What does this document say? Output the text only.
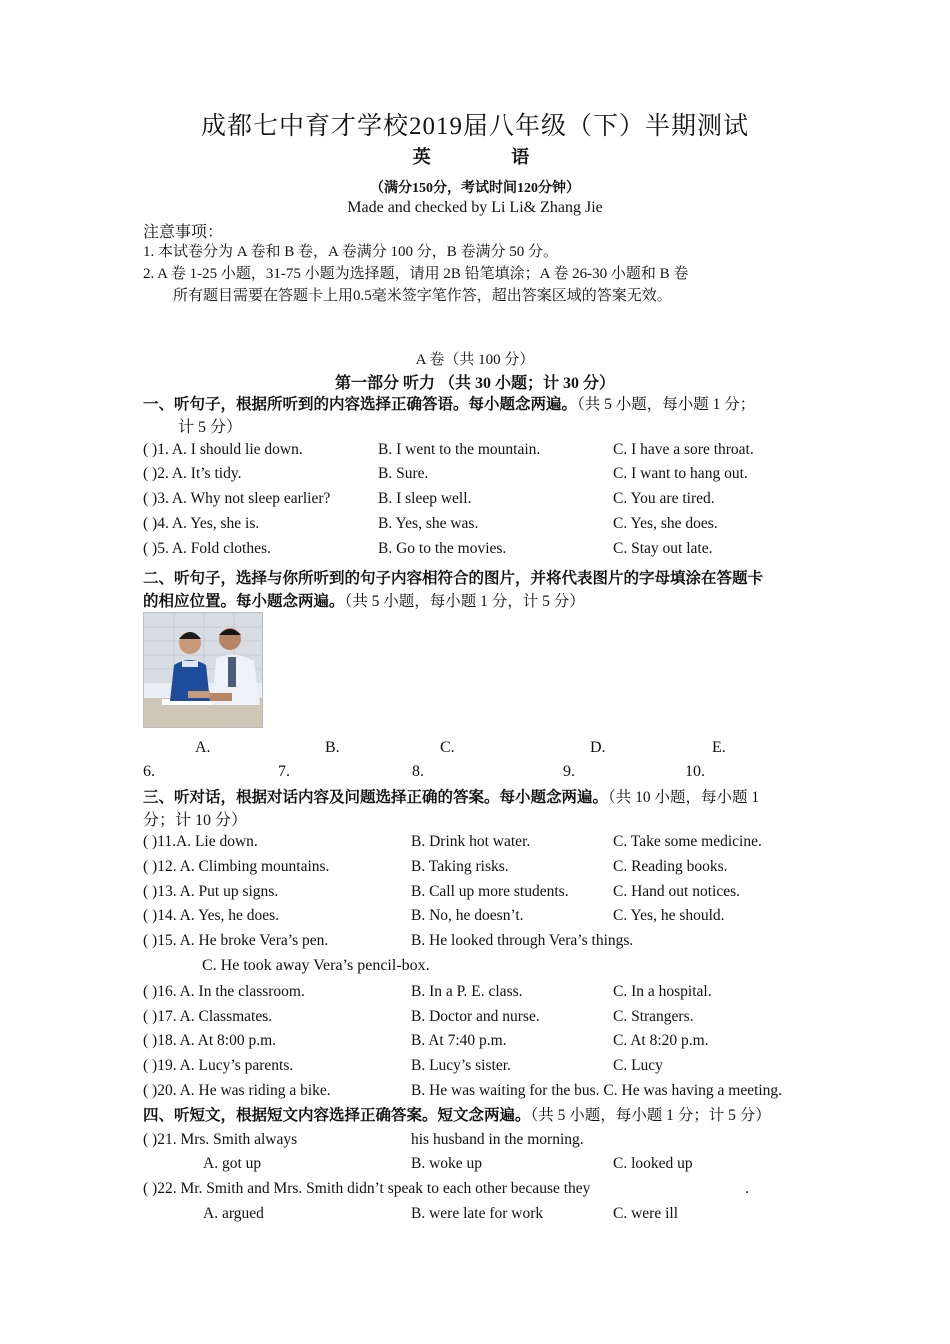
成都七中育才学校2019届八年级（下）半期测试
英 语
（满分150分，考试时间120分钟）
Made and checked by Li Li& Zhang Jie
注意事项：
1. 本试卷分为 A 卷和 B 卷，A 卷满分 100 分，B 卷满分 50 分。
2. A 卷 1-25 小题，31-75 小题为选择题，请用 2B 铅笔填涂；A 卷 26-30 小题和 B 卷
所有题目需要在答题卡上用0.5毫米签字笔作答，超出答案区域的答案无效。
A 卷（共 100 分）
第一部分 听力 （共 30 小题；计 30 分）
一、听句子，根据所听到的内容选择正确答语。每小题念两遍。（共 5 小题，每小题 1 分；
计 5 分）
( )1. A. I should lie down.	B. I went to the mountain.	C. I have a sore throat.
( )2. A. It’s tidy.	B. Sure.	C. I want to hang out.
( )3. A. Why not sleep earlier?	B. I sleep well.	C. You are tired.
( )4. A. Yes, she is.	B. Yes, she was.	C. Yes, she does.
( )5. A. Fold clothes.	B. Go to the movies.	C. Stay out late.
二、听句子，选择与你所听到的句子内容相符合的图片，并将代表图片的字母填涂在答题卡
的相应位置。每小题念两遍。（共 5 小题，每小题 1 分，计 5 分）
A.	B.	C.	D.	E.
6.	7.	8.	9.	10.
三、听对话，根据对话内容及问题选择正确的答案。每小题念两遍。（共 10 小题，每小题 1
分；计 10 分）
( )11.A. Lie down.	B. Drink hot water.	C. Take some medicine.
( )12. A. Climbing mountains.	B. Taking risks.	C. Reading books.
( )13. A. Put up signs.	B. Call up more students.	C. Hand out notices.
( )14. A. Yes, he does.	B. No, he doesn’t.	C. Yes, he should.
( )15. A. He broke Vera’s pen.	B. He looked through Vera’s things.
C. He took away Vera’s pencil-box.
( )16. A. In the classroom.	B. In a P. E. class.	C. In a hospital.
( )17. A. Classmates.	B. Doctor and nurse.	C. Strangers.
( )18. A. At 8:00 p.m.	B. At 7:40 p.m.	C. At 8:20 p.m.
( )19. A. Lucy’s parents.	B. Lucy’s sister.	C. Lucy
( )20. A. He was riding a bike.	B. He was waiting for the bus. C. He was having a meeting.
四、听短文，根据短文内容选择正确答案。短文念两遍。（共 5 小题，每小题 1 分；计 5 分）
( )21. Mrs. Smith always	his husband in the morning.
A. got up	B. woke up	C. looked up
( )22. Mr. Smith and Mrs. Smith didn’t speak to each other because they	.
A. argued	B. were late for work	C. were ill
